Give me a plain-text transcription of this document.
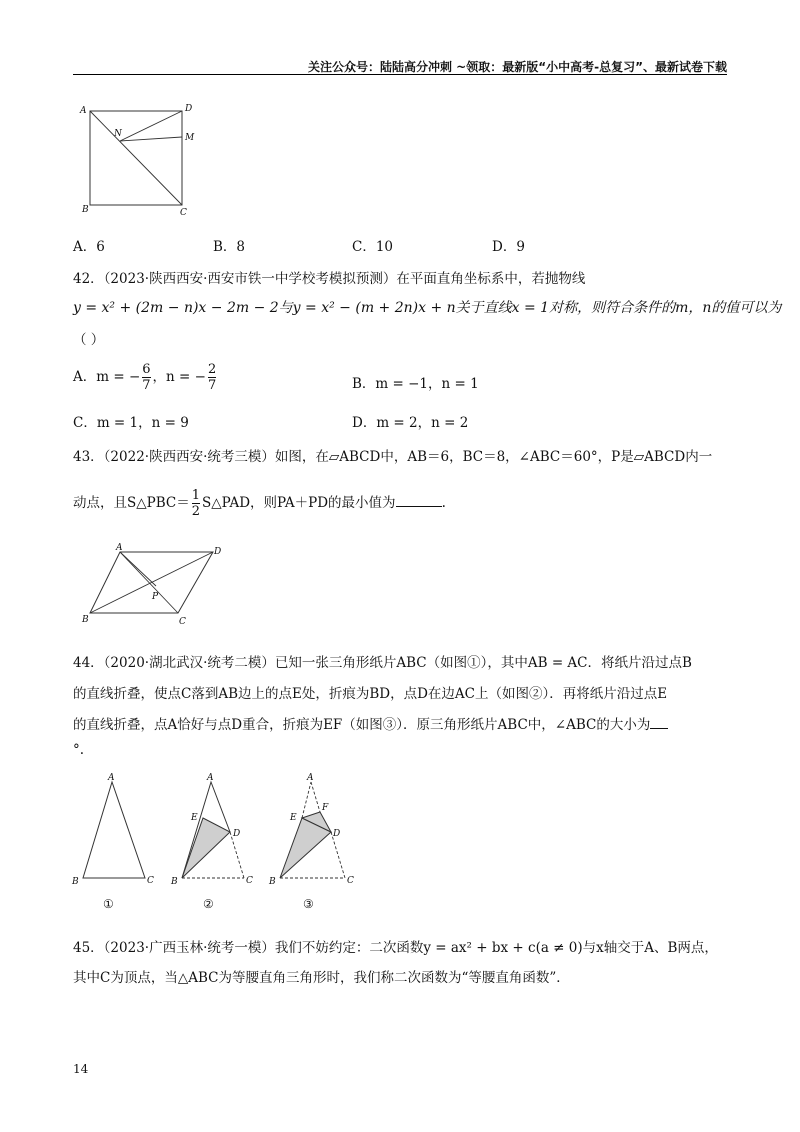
关注公众号：陆陆高分冲刺 ~领取：最新版“小中高考-总复习”、最新试卷下载
A	D
N	M
B	C
A．6	B．8	C．10	D．9
42．（2023·陕西西安·西安市铁一中学校考模拟预测）在平面直角坐标系中，若抛物线
y = x² + (2m − n)x − 2m − 2与y = x² − (m + 2n)x + n关于直线x = 1对称，则符合条件的m，n的值可以为
（ ）
A．m = − $\frac{6}{7}$ ，n = − $\frac{2}{7}$	B．m = −1，n = 1
C．m = 1，n = 9	D．m = 2，n = 2
43．（2022·陕西西安·统考三模）如图，在▱ABCD中，AB＝6，BC＝8，∠ABC＝60°，P是▱ABCD内一
动点，且S△PBC＝ $\frac{1}{2}$ S△PAD，则PA＋PD的最小值为	.
A	D
P
B	C
44．（2020·湖北武汉·统考二模）已知一张三角形纸片ABC（如图①），其中AB = AC．将纸片沿过点B
的直线折叠，使点C落到AB边上的点E处，折痕为BD，点D在边AC上（如图②）．再将纸片沿过点E
的直线折叠，点A恰好与点D重合，折痕为EF（如图③）．原三角形纸片ABC中，∠ABC的大小为
°.
A
B	C
①
A
E
D
B	C
②
A
F
E
D
B	C
③
45．（2023·广西玉林·统考一模）我们不妨约定：二次函数y = ax² + bx + c(a ≠ 0)与x轴交于A、B两点，
其中C为顶点，当△ABC为等腰直角三角形时，我们称二次函数为“等腰直角函数”．
14
